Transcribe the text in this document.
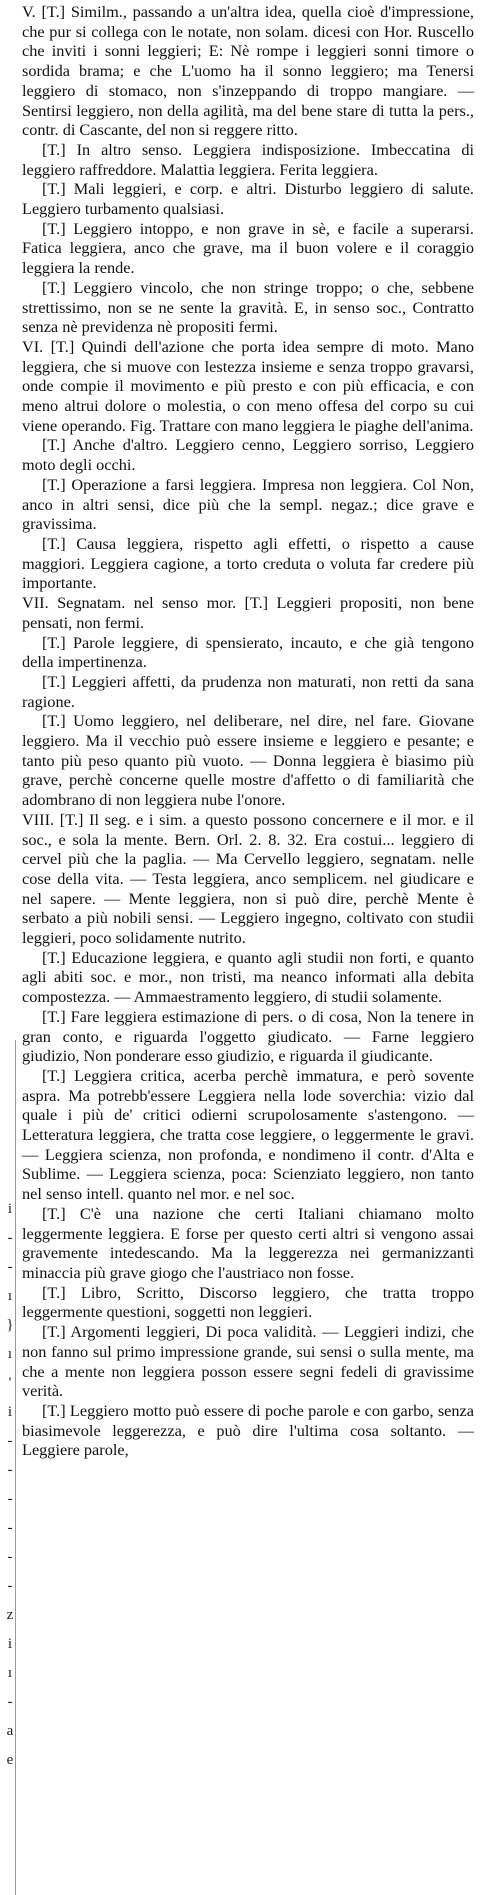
i
-
-
ı
}
ı
'
i
-
-
-
-
-
-
z
i
ı
-
a
e

V. [T.] Similm., passando a un'altra idea, quella cioè d'impressione, che pur si collega con le notate, non solam. dicesi con Hor. Ruscello che inviti i sonni leggieri; E: Nè rompe i leggieri sonni timore o sordida brama; e che L'uomo ha il sonno leggiero; ma Tenersi leggiero di stomaco, non s'inzeppando di troppo mangiare. — Sentirsi leggiero, non della agilità, ma del bene stare di tutta la pers., contr. di Cascante, del non si reggere ritto.

[T.] In altro senso. Leggiera indisposizione. Imbeccatina di leggiero raffreddore. Malattia leggiera. Ferita leggiera.

[T.] Mali leggieri, e corp. e altri. Disturbo leggiero di salute. Leggiero turbamento qualsiasi.

[T.] Leggiero intoppo, e non grave in sè, e facile a superarsi. Fatica leggiera, anco che grave, ma il buon volere e il coraggio leggiera la rende.

[T.] Leggiero vincolo, che non stringe troppo; o che, sebbene strettissimo, non se ne sente la gravità. E, in senso soc., Contratto senza nè previdenza nè propositi fermi.

VI. [T.] Quindi dell'azione che porta idea sempre di moto. Mano leggiera, che si muove con lestezza insieme e senza troppo gravarsi, onde compie il movimento e più presto e con più efficacia, e con meno altrui dolore o molestia, o con meno offesa del corpo su cui viene operando. Fig. Trattare con mano leggiera le piaghe dell'anima.

[T.] Anche d'altro. Leggiero cenno, Leggiero sorriso, Leggiero moto degli occhi.

[T.] Operazione a farsi leggiera. Impresa non leggiera. Col Non, anco in altri sensi, dice più che la sempl. negaz.; dice grave e gravissima.

[T.] Causa leggiera, rispetto agli effetti, o rispetto a cause maggiori. Leggiera cagione, a torto creduta o voluta far credere più importante.

VII. Segnatam. nel senso mor. [T.] Leggieri propositi, non bene pensati, non fermi.

[T.] Parole leggiere, di spensierato, incauto, e che già tengono della impertinenza.

[T.] Leggieri affetti, da prudenza non maturati, non retti da sana ragione.

[T.] Uomo leggiero, nel deliberare, nel dire, nel fare. Giovane leggiero. Ma il vecchio può essere insieme e leggiero e pesante; e tanto più peso quanto più vuoto. — Donna leggiera è biasimo più grave, perchè concerne quelle mostre d'affetto o di familiarità che adombrano di non leggiera nube l'onore.

VIII. [T.] Il seg. e i sim. a questo possono concernere e il mor. e il soc., e sola la mente. Bern. Orl. 2. 8. 32. Era costui... leggiero di cervel più che la paglia. — Ma Cervello leggiero, segnatam. nelle cose della vita. — Testa leggiera, anco semplicem. nel giudicare e nel sapere. — Mente leggiera, non si può dire, perchè Mente è serbato a più nobili sensi. — Leggiero ingegno, coltivato con studii leggieri, poco solidamente nutrito.

[T.] Educazione leggiera, e quanto agli studii non forti, e quanto agli abiti soc. e mor., non tristi, ma neanco informati alla debita compostezza. — Ammaestramento leggiero, di studii solamente.

[T.] Fare leggiera estimazione di pers. o di cosa, Non la tenere in gran conto, e riguarda l'oggetto giudicato. — Farne leggiero giudizio, Non ponderare esso giudizio, e riguarda il giudicante.

[T.] Leggiera critica, acerba perchè immatura, e però sovente aspra. Ma potrebb'essere Leggiera nella lode soverchia: vizio dal quale i più de' critici odierni scrupolosamente s'astengono. — Letteratura leggiera, che tratta cose leggiere, o leggermente le gravi. — Leggiera scienza, non profonda, e nondimeno il contr. d'Alta e Sublime. — Leggiera scienza, poca: Scienziato leggiero, non tanto nel senso intell. quanto nel mor. e nel soc.

[T.] C'è una nazione che certi Italiani chiamano molto leggermente leggiera. E forse per questo certi altri si vengono assai gravemente intedescando. Ma la leggerezza nei germanizzanti minaccia più grave giogo che l'austriaco non fosse.

[T.] Libro, Scritto, Discorso leggiero, che tratta troppo leggermente questioni, soggetti non leggieri.

[T.] Argomenti leggieri, Di poca validità. — Leggieri indizi, che non fanno sul primo impressione grande, sui sensi o sulla mente, ma che a mente non leggiera posson essere segni fedeli di gravissime verità.

[T.] Leggiero motto può essere di poche parole e con garbo, senza biasimevole leggerezza, e può dire l'ultima cosa soltanto. — Leggiere parole,
